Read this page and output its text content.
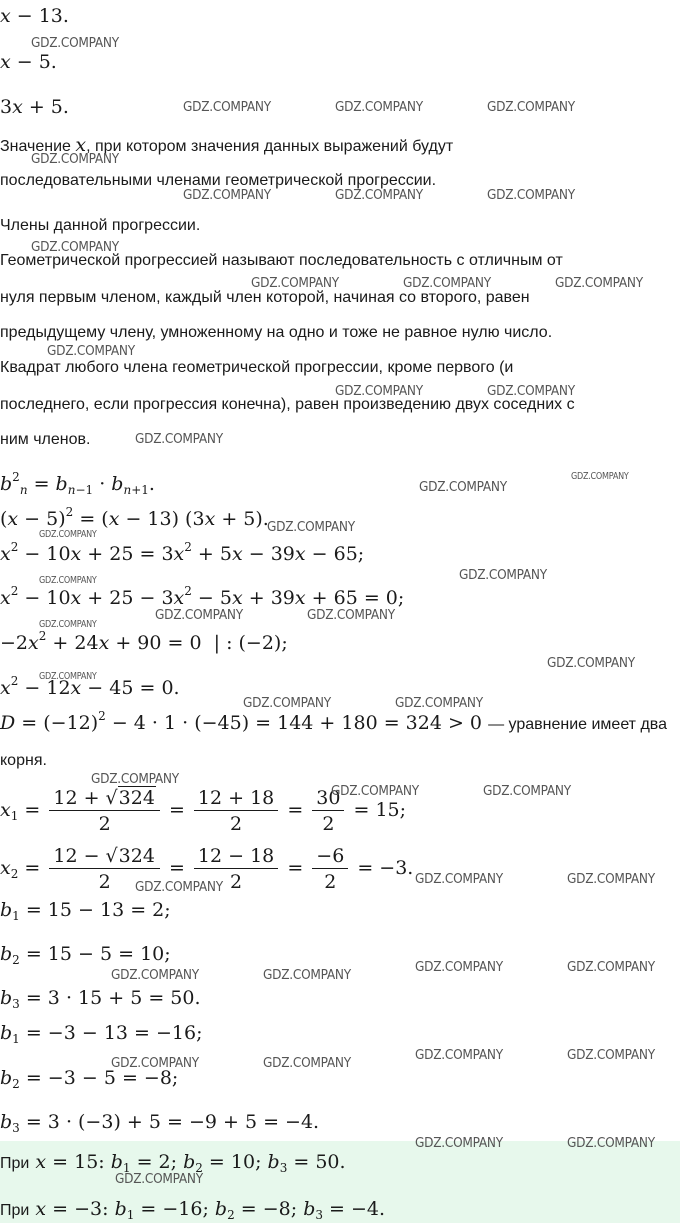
x − 13.
x − 5.
3x + 5.
Значение x, при котором значения данных выражений будут
последовательными членами геометрической прогрессии.
Члены данной прогрессии.
Геометрической прогрессией называют последовательность с отличным от
нуля первым членом, каждый член которой, начиная со второго, равен
предыдущему члену, умноженному на одно и тоже не равное нулю число.
Квадрат любого члена геометрической прогрессии, кроме первого (и
последнего, если прогрессия конечна), равен произведению двух соседних с
ним членов.
$b^2_n = b_{n-1} \cdot b_{n+1}$.
$(x - 5)^2 = (x - 13)$ (3x + 5).
$x^2 - 10x + 25 = 3x^2 + 5x - 39x - 65$;
$x^2 - 10x + 25 - 3x^2 - 5x + 39x + 65 = 0$;
$-2x^2 + 24x + 90 = 0$  | : (−2);
$x^2 - 12x - 45 = 0$.
$D = (-12)^2 - 4 \cdot 1 \cdot (-45) = 144 + 180 = 324 > 0$ — уравнение имеет два
корня.
$x_1 = \frac{12 + √324}{2} = \frac{12 + 18}{2} = \frac{30}{2} = 15$;
$x_2 = \frac{12 - √324}{2} = \frac{12 - 18}{2} = \frac{-6}{2} = -3$.
$b_1 = 15 - 13 = 2$;
$b_2 = 15 - 5 = 10$;
$b_3 = 3 \cdot 15 + 5 = 50$.
$b_1 = -3 - 13 = -16$;
$b_2 = -3 - 5 = -8$;
$b_3 = 3 \cdot (-3) + 5 = -9 + 5 = -4$.
При x = 15: $b_1 = 2$; $b_2 = 10$; $b_3 = 50$.
При x = −3: $b_1 = -16$; $b_2 = -8$; $b_3 = -4$.
GDZ.COMPANY
GDZ.COMPANY	GDZ.COMPANY	GDZ.COMPANY
GDZ.COMPANY
GDZ.COMPANY	GDZ.COMPANY	GDZ.COMPANY
GDZ.COMPANY
GDZ.COMPANY	GDZ.COMPANY	GDZ.COMPANY
GDZ.COMPANY
GDZ.COMPANY	GDZ.COMPANY
GDZ.COMPANY
GDZ.COMPANY
GDZ.COMPANY
GDZ.COMPANY
GDZ.COMPANY
GDZ.COMPANY
GDZ.COMPANY
GDZ.COMPANY	GDZ.COMPANY
GDZ.COMPANY
GDZ.COMPANY
GDZ.COMPANY
GDZ.COMPANY	GDZ.COMPANY
GDZ.COMPANY
GDZ.COMPANY	GDZ.COMPANY
GDZ.COMPANY	GDZ.COMPANY
GDZ.COMPANY
GDZ.COMPANY	GDZ.COMPANY	GDZ.COMPANY	GDZ.COMPANY
GDZ.COMPANY	GDZ.COMPANY	GDZ.COMPANY	GDZ.COMPANY
GDZ.COMPANY	GDZ.COMPANY
GDZ.COMPANY
